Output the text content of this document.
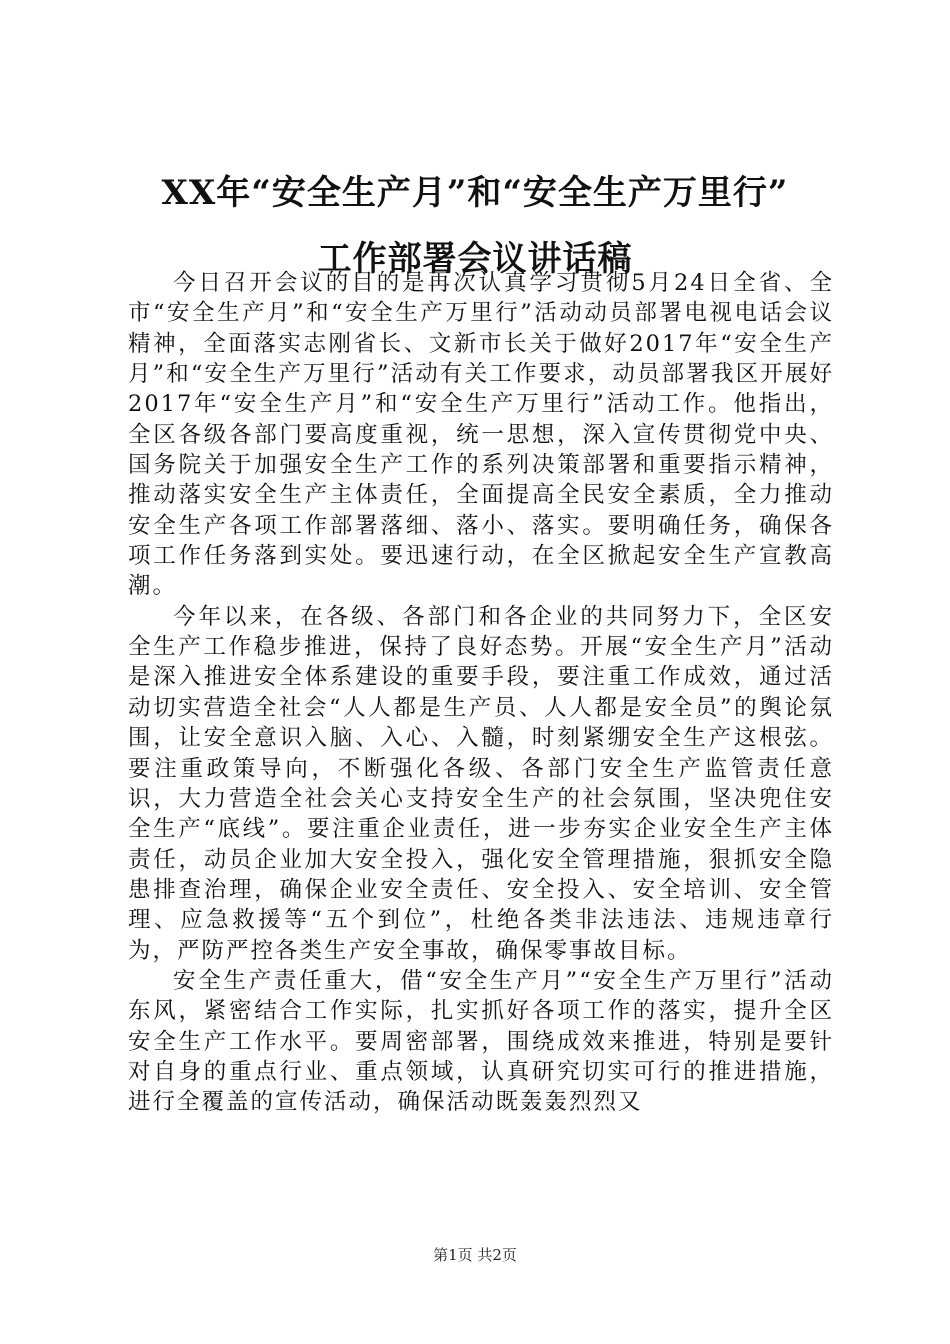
XX年“安全生产月”和“安全生产万里行”
工作部署会议讲话稿

今日召开会议的目的是再次认真学习贯彻5月24日全省、全市“安全生产月”和“安全生产万里行”活动动员部署电视电话会议精神，全面落实志刚省长、文新市长关于做好2017年“安全生产月”和“安全生产万里行”活动有关工作要求，动员部署我区开展好2017年“安全生产月”和“安全生产万里行”活动工作。他指出，全区各级各部门要高度重视，统一思想，深入宣传贯彻党中央、国务院关于加强安全生产工作的系列决策部署和重要指示精神，推动落实安全生产主体责任，全面提高全民安全素质，全力推动安全生产各项工作部署落细、落小、落实。要明确任务，确保各项工作任务落到实处。要迅速行动，在全区掀起安全生产宣教高潮。

今年以来，在各级、各部门和各企业的共同努力下，全区安全生产工作稳步推进，保持了良好态势。开展“安全生产月”活动是深入推进安全体系建设的重要手段，要注重工作成效，通过活动切实营造全社会“人人都是生产员、人人都是安全员”的舆论氛围，让安全意识入脑、入心、入髓，时刻紧绷安全生产这根弦。要注重政策导向，不断强化各级、各部门安全生产监管责任意识，大力营造全社会关心支持安全生产的社会氛围，坚决兜住安全生产“底线”。要注重企业责任，进一步夯实企业安全生产主体责任，动员企业加大安全投入，强化安全管理措施，狠抓安全隐患排查治理，确保企业安全责任、安全投入、安全培训、安全管理、应急救援等“五个到位”，杜绝各类非法违法、违规违章行为，严防严控各类生产安全事故，确保零事故目标。

安全生产责任重大，借“安全生产月”“安全生产万里行”活动东风，紧密结合工作实际，扎实抓好各项工作的落实，提升全区安全生产工作水平。要周密部署，围绕成效来推进，特别是要针对自身的重点行业、重点领域，认真研究切实可行的推进措施，进行全覆盖的宣传活动，确保活动既轰轰烈烈又

第1页 共2页
